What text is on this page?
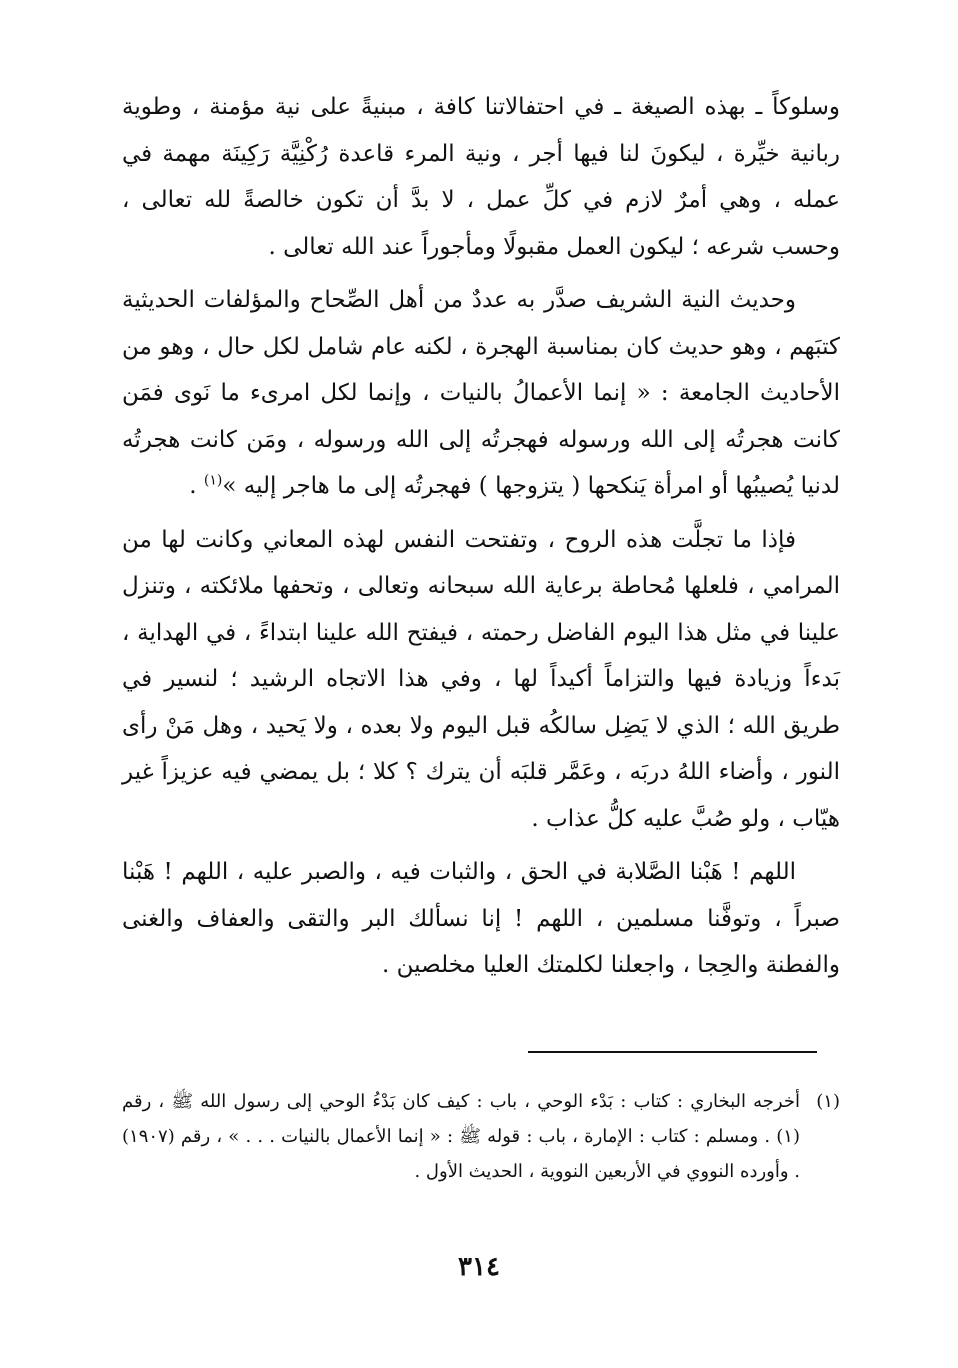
وسلوكاً ـ بهذه الصيغة ـ في احتفالاتنا كافة ، مبنيةً على نية مؤمنة ، وطوية ربانية خيِّرة ، ليكونَ لنا فيها أجر ، ونية المرء قاعدة رُكْنِيَّة رَكِينَة مهمة في عمله ، وهي أمرٌ لازم في كلِّ عمل ، لا بدَّ أن تكون خالصةً لله تعالى ، وحسب شرعه ؛ ليكون العمل مقبولًا ومأجوراً عند الله تعالى .

وحديث النية الشريف صدَّر به عددٌ من أهل الصِّحاح والمؤلفات الحديثية كتبَهم ، وهو حديث كان بمناسبة الهجرة ، لكنه عام شامل لكل حال ، وهو من الأحاديث الجامعة : « إنما الأعمالُ بالنيات ، وإنما لكل امرىء ما نَوى فمَن كانت هجرتُه إلى الله ورسوله فهجرتُه إلى الله ورسوله ، ومَن كانت هجرتُه لدنيا يُصيبُها أو امرأة يَنكحها ( يتزوجها ) فهجرتُه إلى ما هاجر إليه »$^{(١)}$ .

فإذا ما تجلَّت هذه الروح ، وتفتحت النفس لهذه المعاني وكانت لها من المرامي ، فلعلها مُحاطة برعاية الله سبحانه وتعالى ، وتحفها ملائكته ، وتنزل علينا في مثل هذا اليوم الفاضل رحمته ، فيفتح الله علينا ابتداءً ، في الهداية ، بَدءاً وزيادة فيها والتزاماً أكيداً لها ، وفي هذا الاتجاه الرشيد ؛ لنسير في طريق الله ؛ الذي لا يَضِل سالكُه قبل اليوم ولا بعده ، ولا يَحيد ، وهل مَنْ رأى النور ، وأضاء اللهُ دربَه ، وعَمَّر قلبَه أن يترك ؟ كلا ؛ بل يمضي فيه عزيزاً غير هيّاب ، ولو صُبَّ عليه كلُّ عذاب .

اللهم ! هَبْنا الصَّلابة في الحق ، والثبات فيه ، والصبر عليه ، اللهم ! هَبْنا صبراً ، وتوفَّنا مسلمين ، اللهم ! إنا نسألك البر والتقى والعفاف والغنى والفطنة والحِجا ، واجعلنا لكلمتك العليا مخلصين .

(١)
أخرجه البخاري : كتاب : بَدْء الوحي ، باب : كيف كان بَدْءُ الوحي إلى رسول الله ﷺ ، رقم (١) . ومسلم : كتاب : الإمارة ، باب : قوله ﷺ : « إنما الأعمال بالنيات . . . » ، رقم (١٩٠٧) . وأورده النووي في الأربعين النووية ، الحديث الأول .
٣١٤
